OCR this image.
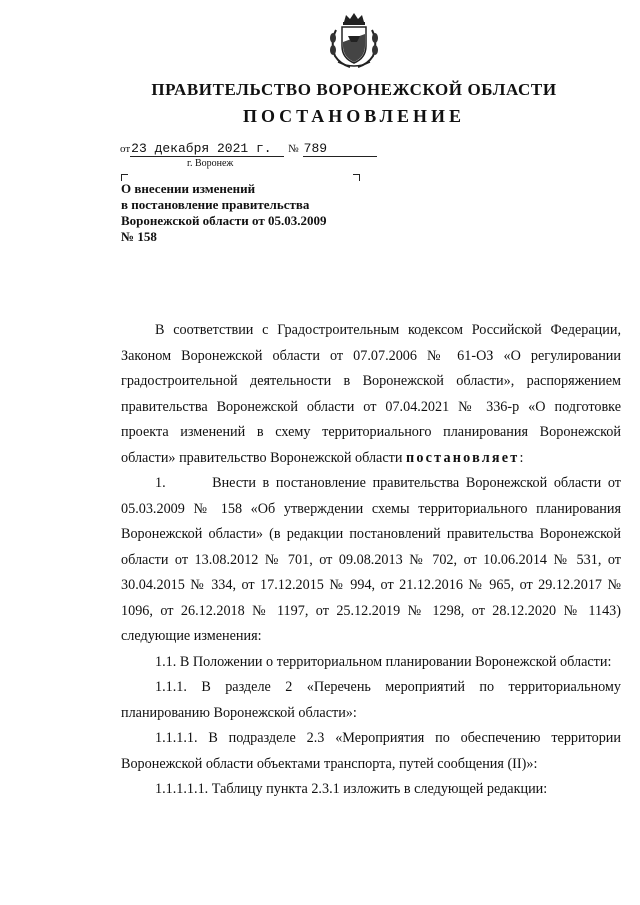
ПРАВИТЕЛЬСТВО ВОРОНЕЖСКОЙ ОБЛАСТИ
ПОСТАНОВЛЕНИЕ
от23 декабря 2021 г. № 789
г. Воронеж
О внесении изменений
в постановление правительства
Воронежской области от 05.03.2009
№ 158

В соответствии с Градостроительным кодексом Российской Федерации, Законом Воронежской области от 07.07.2006 № 61-ОЗ «О регулировании градостроительной деятельности в Воронежской области», распоряжением правительства Воронежской области от 07.04.2021 № 336-р «О подготовке проекта изменений в схему территориального планирования Воронежской области» правительство Воронежской области постановляет:

1.	Внести в постановление правительства Воронежской области от 05.03.2009 № 158 «Об утверждении схемы территориального планирования Воронежской области» (в редакции постановлений правительства Воронежской области от 13.08.2012 № 701, от 09.08.2013 № 702, от 10.06.2014 № 531, от 30.04.2015 № 334, от 17.12.2015 № 994, от 21.12.2016 № 965, от 29.12.2017 № 1096, от 26.12.2018 № 1197, от 25.12.2019 № 1298, от 28.12.2020 № 1143) следующие изменения:

1.1. В Положении о территориальном планировании Воронежской области:

1.1.1. В разделе 2 «Перечень мероприятий по территориальному планированию Воронежской области»:

1.1.1.1. В подразделе 2.3 «Мероприятия по обеспечению территории Воронежской области объектами транспорта, путей сообщения (II)»:

1.1.1.1.1. Таблицу пункта 2.3.1 изложить в следующей редакции:
